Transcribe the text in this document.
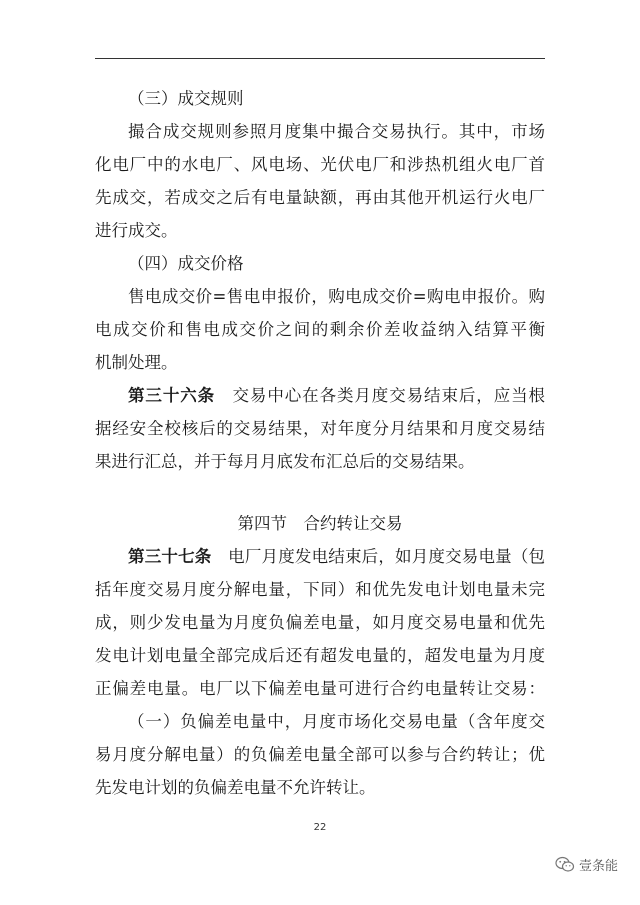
（三）成交规则
撮合成交规则参照月度集中撮合交易执行。其中，市场
化电厂中的水电厂、风电场、光伏电厂和涉热机组火电厂首
先成交，若成交之后有电量缺额，再由其他开机运行火电厂
进行成交。
（四）成交价格
售电成交价=售电申报价，购电成交价=购电申报价。购
电成交价和售电成交价之间的剩余价差收益纳入结算平衡
机制处理。
第三十六条　 交易中心在各类月度交易结束后，应当根
据经安全校核后的交易结果，对年度分月结果和月度交易结
果进行汇总，并于每月月底发布汇总后的交易结果。
第四节　合约转让交易
第三十七条　 电厂月度发电结束后，如月度交易电量（包
括年度交易月度分解电量，下同）和优先发电计划电量未完
成，则少发电量为月度负偏差电量，如月度交易电量和优先
发电计划电量全部完成后还有超发电量的，超发电量为月度
正偏差电量。电厂以下偏差电量可进行合约电量转让交易：
（一）负偏差电量中，月度市场化交易电量（含年度交
易月度分解电量）的负偏差电量全部可以参与合约转让；优
先发电计划的负偏差电量不允许转让。
22
壹条能
